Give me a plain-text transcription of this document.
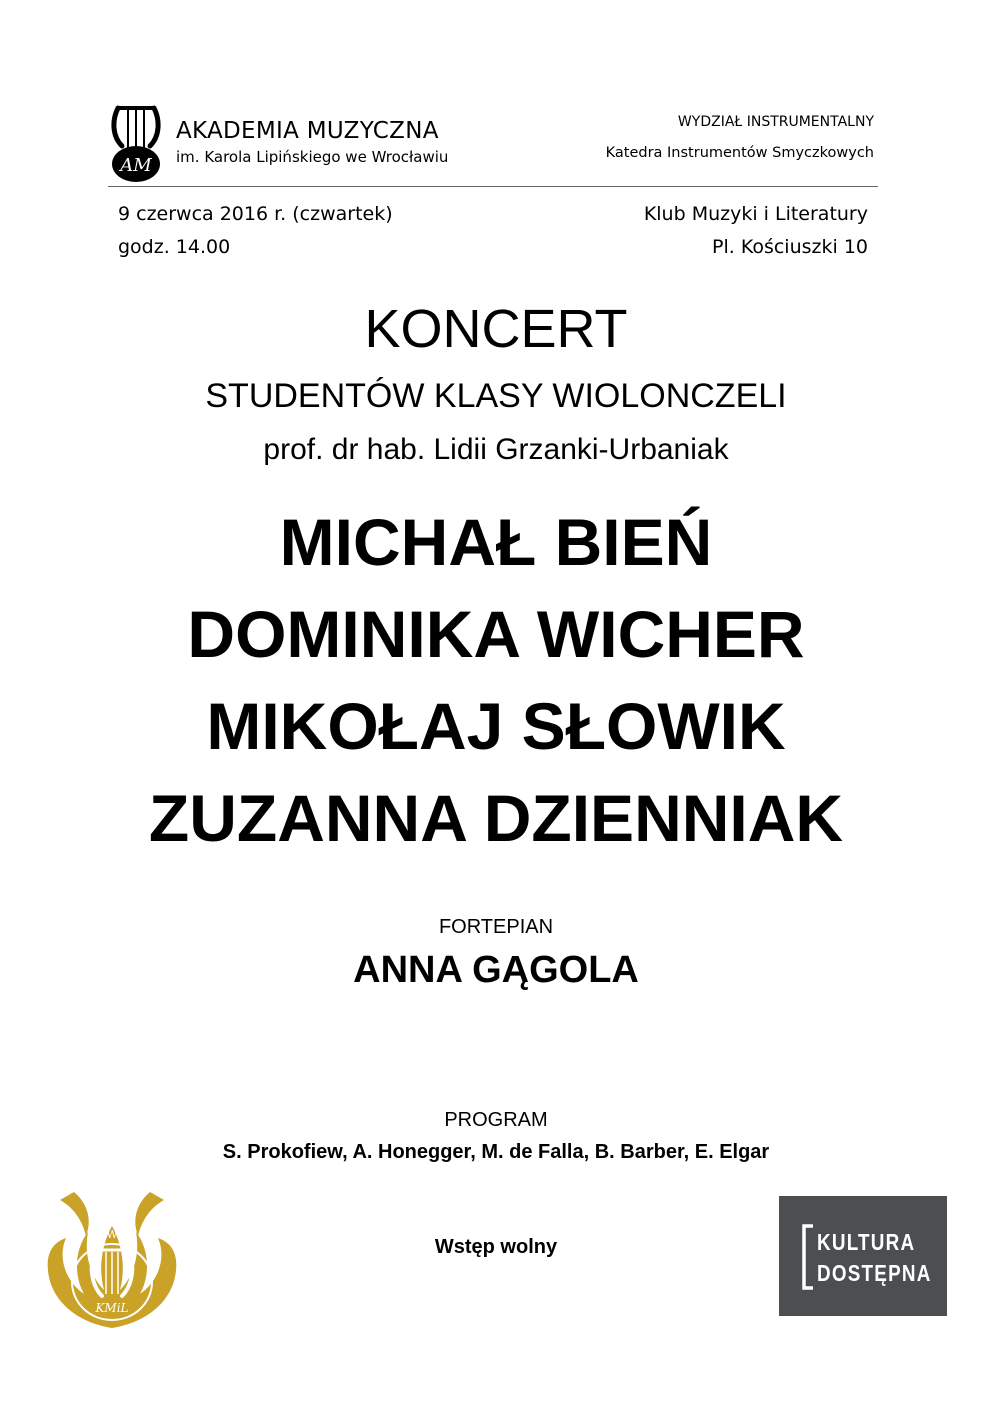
AM
AKADEMIA MUZYCZNA
im. Karola Lipińskiego we Wrocławiu
WYDZIAŁ INSTRUMENTALNY
Katedra Instrumentów Smyczkowych
9 czerwca 2016 r. (czwartek)
godz. 14.00
Klub Muzyki i Literatury
Pl. Kościuszki 10
KONCERT
STUDENTÓW KLASY WIOLONCZELI
prof. dr hab. Lidii Grzanki-Urbaniak
MICHAŁ BIEŃ
DOMINIKA WICHER
MIKOŁAJ SŁOWIK
ZUZANNA DZIENNIAK
FORTEPIAN
ANNA GĄGOLA
PROGRAM
S. Prokofiew, A. Honegger, M. de Falla, B. Barber, E. Elgar
Wstęp wolny
W
KMiL
KULTURA
DOSTĘPNA
